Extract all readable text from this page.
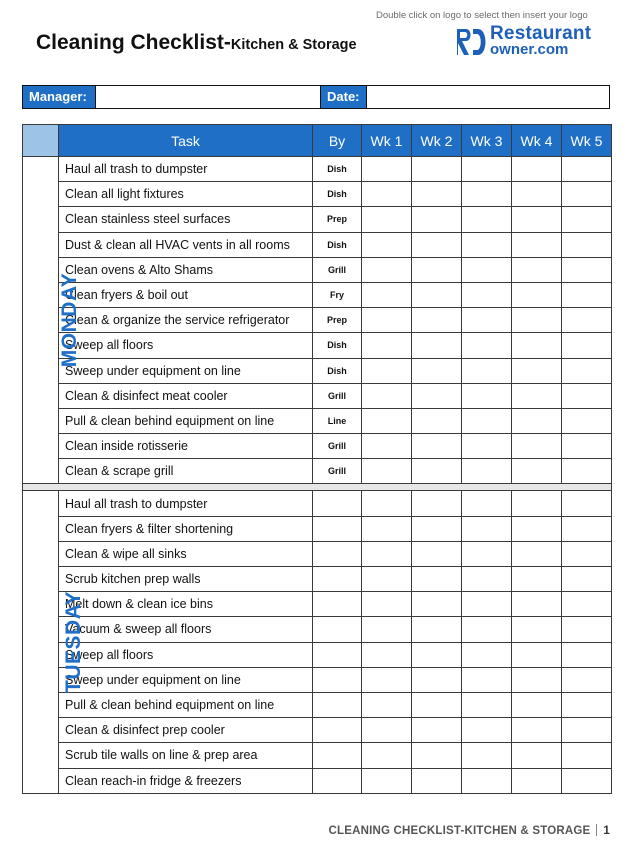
Double click on logo to select then insert your logo
Cleaning Checklist-Kitchen & Storage
Restaurant
owner.com
Manager:	Date:
	Task	By	Wk 1	Wk 2	Wk 3	Wk 4	Wk 5
MONDAY	Haul all trash to dumpster	Dish					
	Clean all light fixtures	Dish					
	Clean stainless steel surfaces	Prep					
	Dust & clean all HVAC vents in all rooms	Dish					
	Clean ovens & Alto Shams	Grill					
	Clean fryers & boil out	Fry					
	Clean & organize the service refrigerator	Prep					
	Sweep all floors	Dish					
	Sweep under equipment on line	Dish					
	Clean & disinfect meat cooler	Grill					
	Pull & clean behind equipment on line	Line					
	Clean inside rotisserie	Grill					
	Clean & scrape grill	Grill					

TUESDAY	Haul all trash to dumpster						
	Clean fryers & filter shortening						
	Clean & wipe all sinks						
	Scrub kitchen prep walls						
	Melt down & clean ice bins						
	Vacuum & sweep all floors						
	Sweep all floors						
	Sweep under equipment on line						
	Pull & clean behind equipment on line						
	Clean & disinfect prep cooler						
	Scrub tile walls on line & prep area						
	Clean reach-in fridge & freezers						
CLEANING CHECKLIST-KITCHEN & STORAGE 1
